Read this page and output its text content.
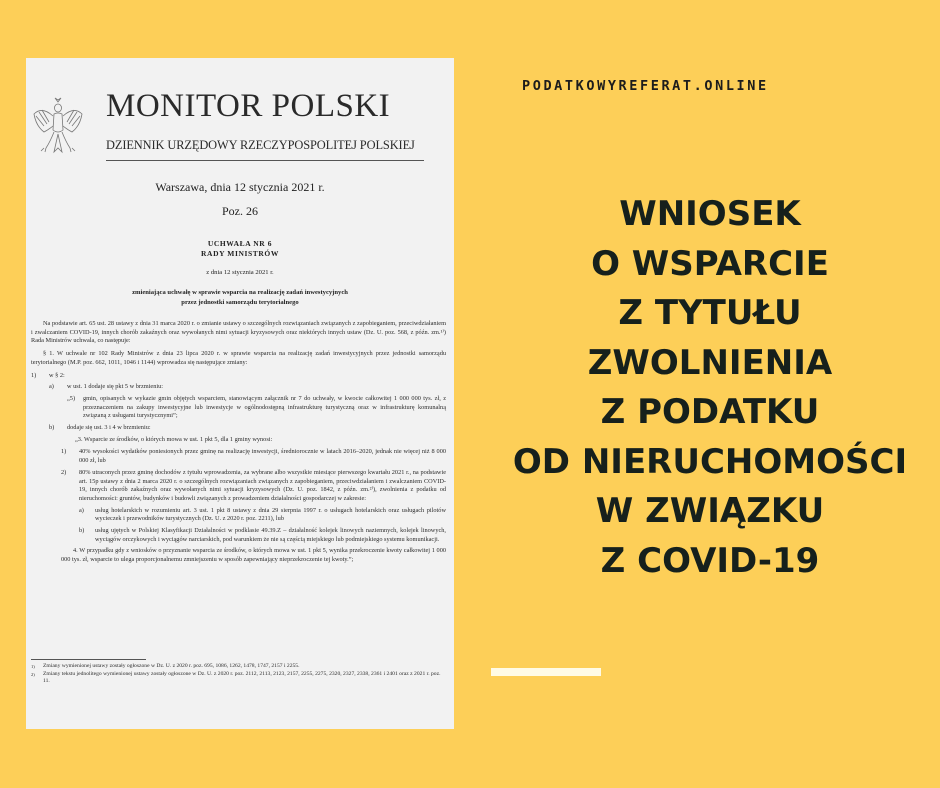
MONITOR POLSKI
DZIENNIK URZĘDOWY RZECZYPOSPOLITEJ POLSKIEJ
Warszawa, dnia 12 stycznia 2021 r.
Poz. 26
UCHWAŁA NR 6
RADY MINISTRÓW
z dnia 12 stycznia 2021 r.
zmieniająca uchwałę w sprawie wsparcia na realizację zadań inwestycyjnych
przez jednostki samorządu terytorialnego

Na podstawie art. 65 ust. 28 ustawy z dnia 31 marca 2020 r. o zmianie ustawy o szczególnych rozwiązaniach związanych z zapobieganiem, przeciwdziałaniem i zwalczaniem COVID-19, innych chorób zakaźnych oraz wywołanych nimi sytuacji kryzysowych oraz niektórych innych ustaw (Dz. U. poz. 568, z późn. zm.¹⁾) Rada Ministrów uchwala, co następuje:

§ 1. W uchwale nr 102 Rady Ministrów z dnia 23 lipca 2020 r. w sprawie wsparcia na realizację zadań inwestycyjnych przez jednostki samorządu terytorialnego (M.P. poz. 662, 1011, 1046 i 1144) wprowadza się następujące zmiany:

1)	w § 2:
a)	w ust. 1 dodaje się pkt 5 w brzmieniu:
„5)	gmin, opisanych w wykazie gmin objętych wsparciem, stanowiącym załącznik nr 7 do uchwały, w kwocie całkowitej 1 000 000 tys. zł, z przeznaczeniem na zakupy inwestycyjne lub inwestycje w ogólnodostępną infrastrukturę turystyczną oraz w infrastrukturę komunalną związaną z usługami turystycznymi”;
b)	dodaje się ust. 3 i 4 w brzmieniu:

„3. Wsparcie ze środków, o których mowa w ust. 1 pkt 5, dla 1 gminy wynosi:

1)	40% wysokości wydatków poniesionych przez gminę na realizację inwestycji, średniorocznie w latach 2016–2020, jednak nie więcej niż 8 000 000 zł, lub
2)	80% utraconych przez gminę dochodów z tytułu wprowadzenia, za wybrane albo wszystkie miesiące pierwszego kwartału 2021 r., na podstawie art. 15p ustawy z dnia 2 marca 2020 r. o szczególnych rozwiązaniach związanych z zapobieganiem, przeciwdziałaniem i zwalczaniem COVID-19, innych chorób zakaźnych oraz wywołanych nimi sytuacji kryzysowych (Dz. U. poz. 1842, z późn. zm.²⁾), zwolnienia z podatku od nieruchomości: gruntów, budynków i budowli związanych z prowadzeniem działalności gospodarczej w zakresie:
a)	usług hotelarskich w rozumieniu art. 3 ust. 1 pkt 8 ustawy z dnia 29 sierpnia 1997 r. o usługach hotelarskich oraz usługach pilotów wycieczek i przewodników turystycznych (Dz. U. z 2020 r. poz. 2211), lub
b)	usług ujętych w Polskiej Klasyfikacji Działalności w podklasie 49.39.Z – działalność kolejek linowych naziemnych, kolejek linowych, wyciągów orczykowych i wyciągów narciarskich, pod warunkiem że nie są częścią miejskiego lub podmiejskiego systemu komunikacji.

4. W przypadku gdy z wniosków o przyznanie wsparcia ze środków, o których mowa w ust. 1 pkt 5, wynika przekroczenie kwoty całkowitej 1 000 000 tys. zł, wsparcie to ulega proporcjonalnemu zmniejszeniu w sposób zapewniający nieprzekroczenie tej kwoty.”;

1)	Zmiany wymienionej ustawy zostały ogłoszone w Dz. U. z 2020 r. poz. 695, 1086, 1262, 1478, 1747, 2157 i 2255.
2)	Zmiany tekstu jednolitego wymienionej ustawy zostały ogłoszone w Dz. U. z 2020 r. poz. 2112, 2113, 2123, 2157, 2255, 2275, 2320, 2327, 2338, 2361 i 2401 oraz z 2021 r. poz. 11.
PODATKOWYREFERAT.ONLINE
WNIOSEK
O WSPARCIE
Z TYTUŁU
ZWOLNIENIA
Z PODATKU
OD NIERUCHOMOŚCI
W ZWIĄZKU
Z COVID-19
